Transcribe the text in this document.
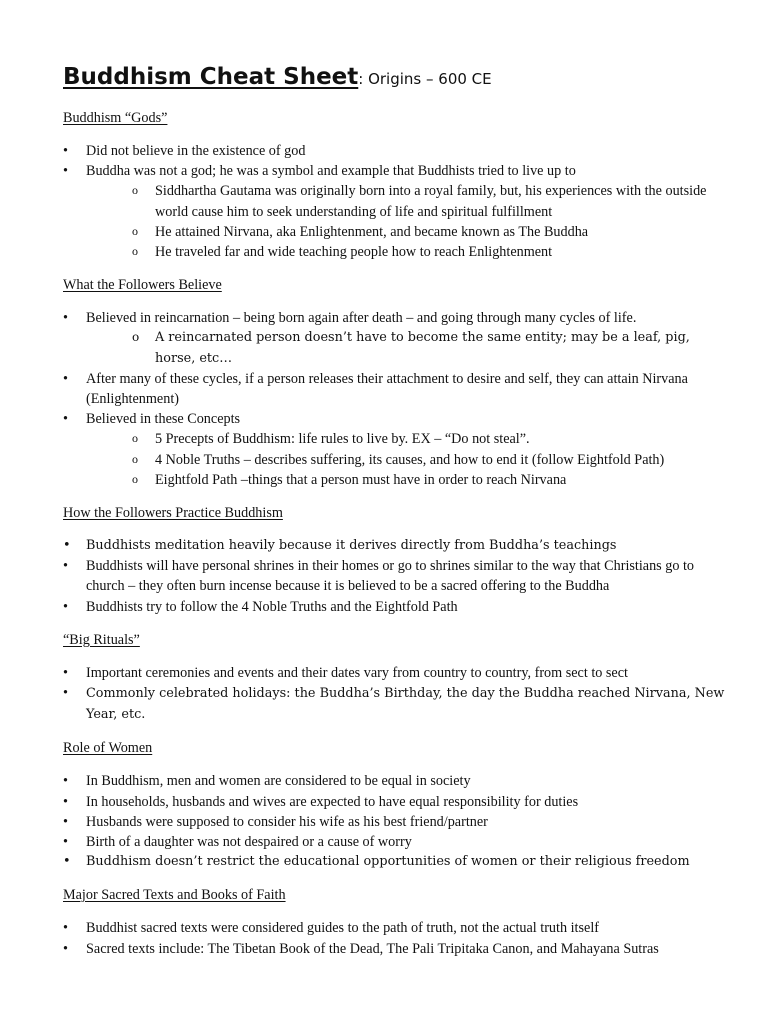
Buddhism Cheat Sheet: Origins – 600 CE
Buddhism “Gods”
• Did not believe in the existence of god
• Buddha was not a god; he was a symbol and example that Buddhists tried to live up to
o Siddhartha Gautama was originally born into a royal family, but, his experiences with the outside world cause him to seek understanding of life and spiritual fulfillment
o He attained Nirvana, aka Enlightenment, and became known as The Buddha
o He traveled far and wide teaching people how to reach Enlightenment
What the Followers Believe
• Believed in reincarnation – being born again after death – and going through many cycles of life.
o A reincarnated person doesn’t have to become the same entity; may be a leaf, pig, horse, etc…
• After many of these cycles, if a person releases their attachment to desire and self, they can attain Nirvana (Enlightenment)
• Believed in these Concepts
o 5 Precepts of Buddhism: life rules to live by. EX – “Do not steal”.
o 4 Noble Truths – describes suffering, its causes, and how to end it (follow Eightfold Path)
o Eightfold Path –things that a person must have in order to reach Nirvana
How the Followers Practice Buddhism
• Buddhists meditation heavily because it derives directly from Buddha’s teachings
• Buddhists will have personal shrines in their homes or go to shrines similar to the way that Christians go to church – they often burn incense because it is believed to be a sacred offering to the Buddha
• Buddhists try to follow the 4 Noble Truths and the Eightfold Path
“Big Rituals”
• Important ceremonies and events and their dates vary from country to country, from sect to sect
• Commonly celebrated holidays: the Buddha’s Birthday, the day the Buddha reached Nirvana, New Year, etc.
Role of Women
• In Buddhism, men and women are considered to be equal in society
• In households, husbands and wives are expected to have equal responsibility for duties
• Husbands were supposed to consider his wife as his best friend/partner
• Birth of a daughter was not despaired or a cause of worry
• Buddhism doesn’t restrict the educational opportunities of women or their religious freedom
Major Sacred Texts and Books of Faith
• Buddhist sacred texts were considered guides to the path of truth, not the actual truth itself
• Sacred texts include: The Tibetan Book of the Dead, The Pali Tripitaka Canon, and Mahayana Sutras
